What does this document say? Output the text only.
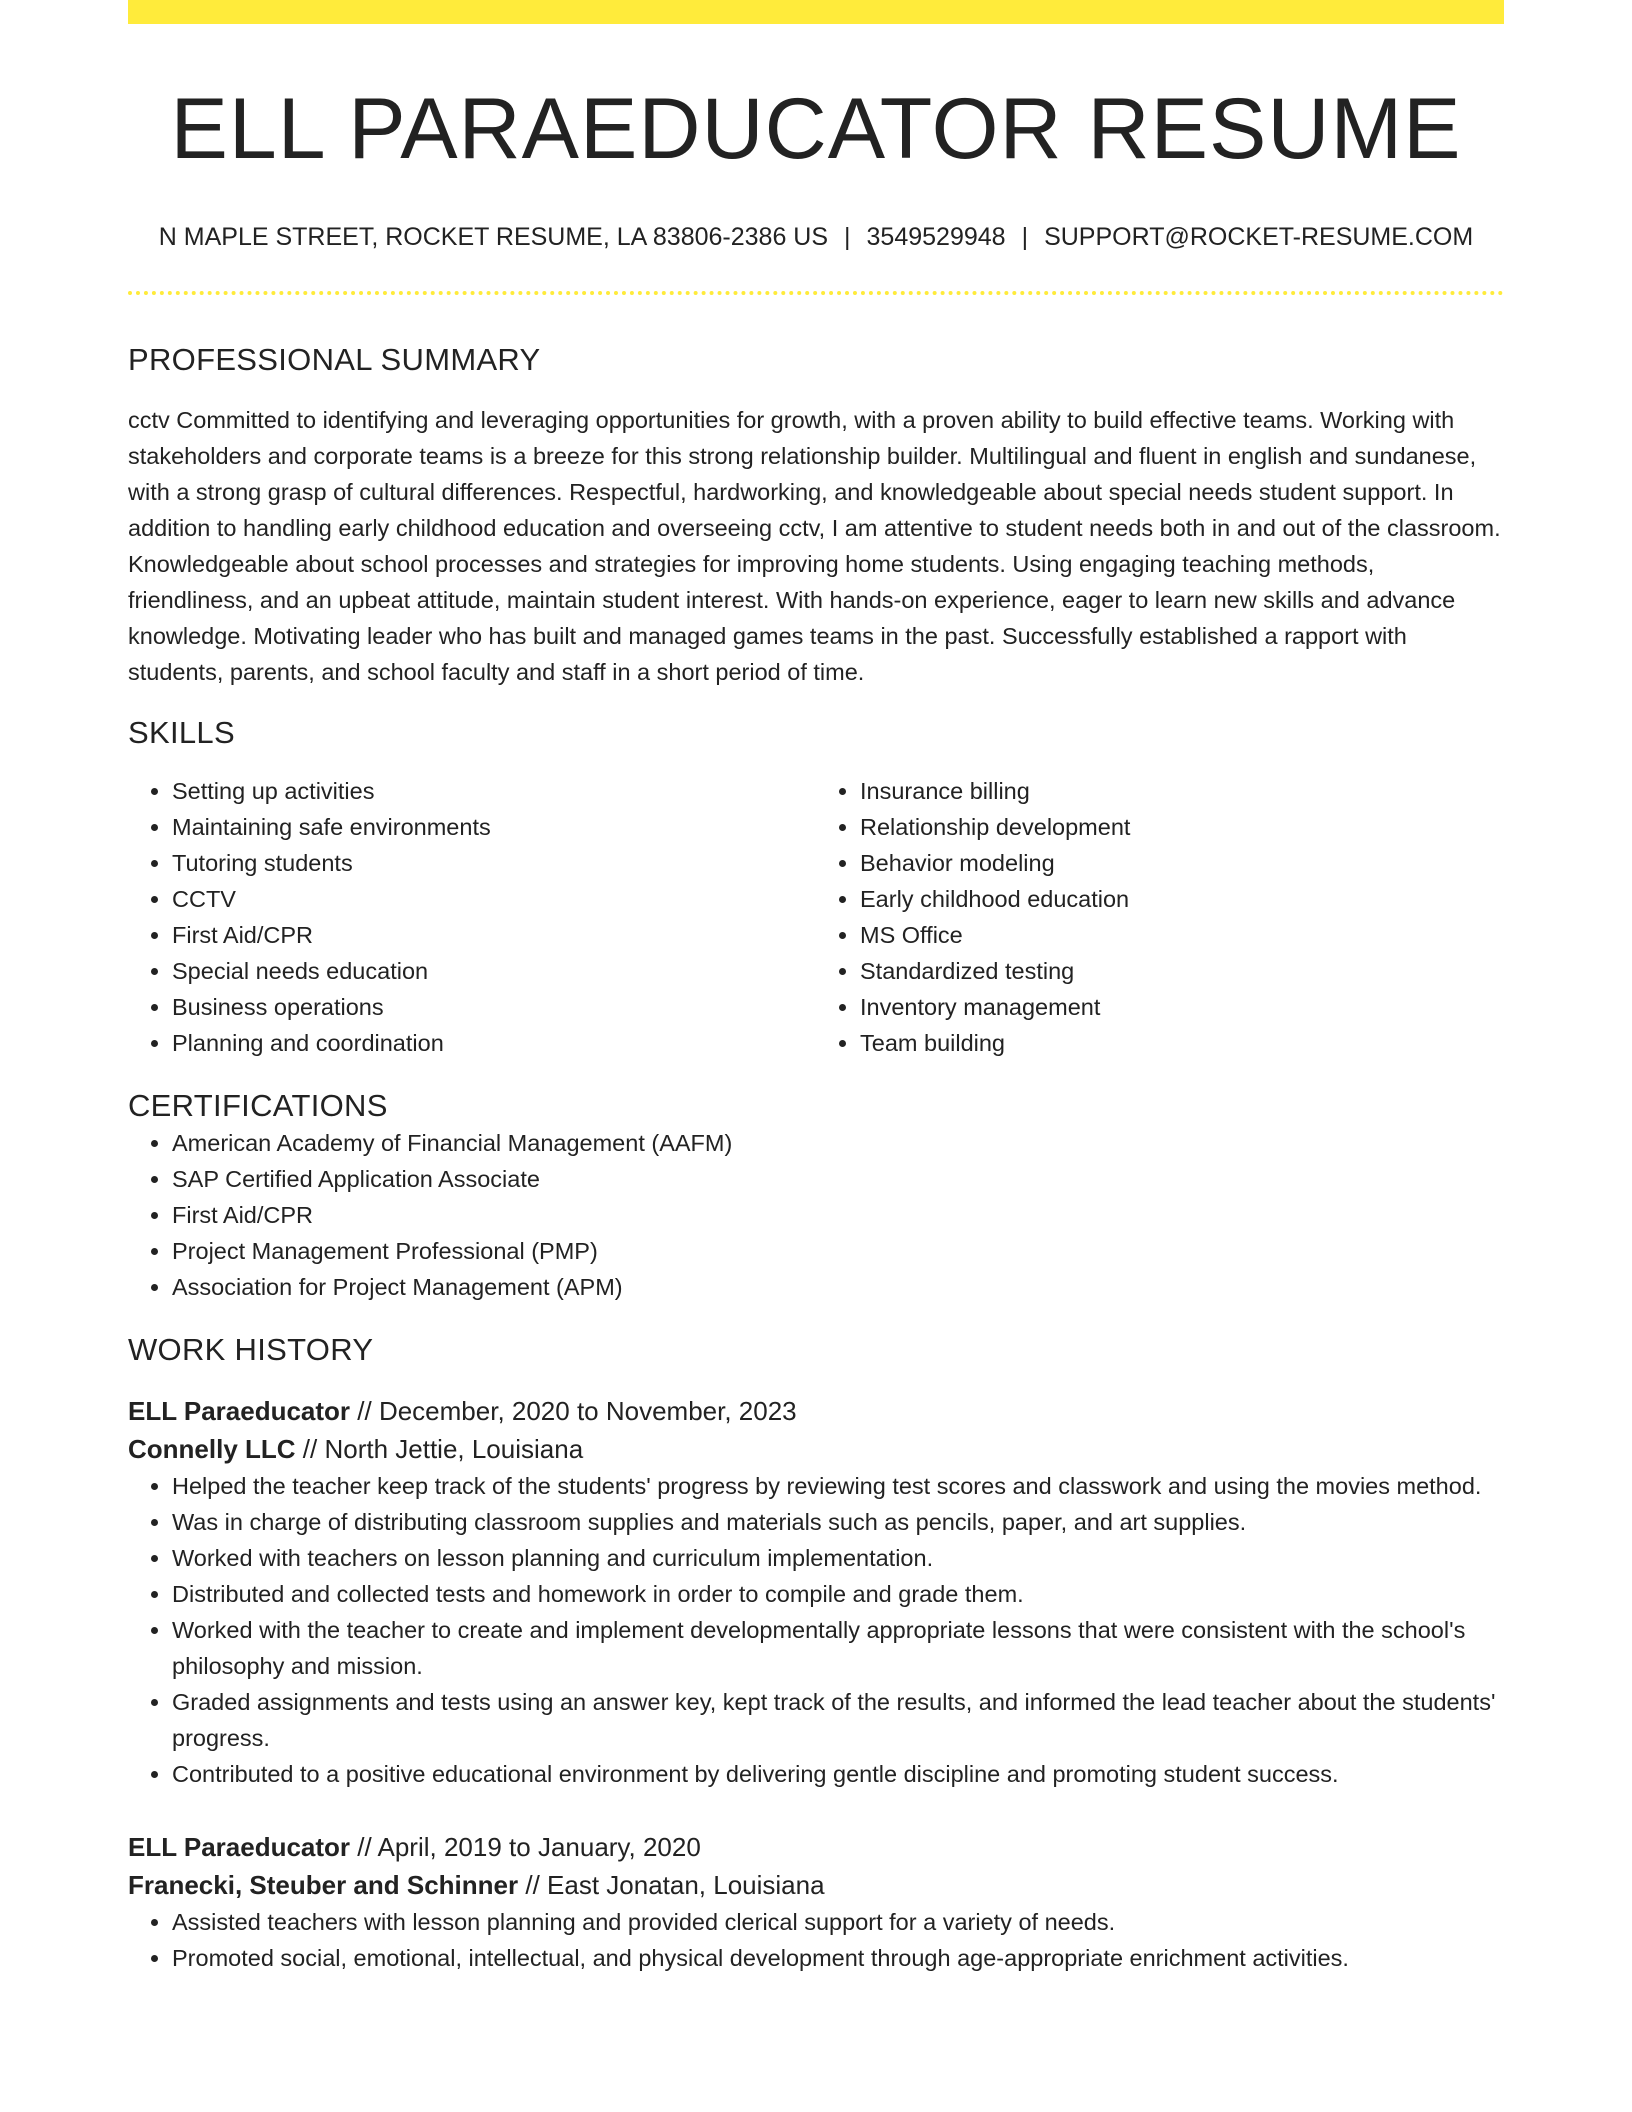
ELL PARAEDUCATOR RESUME
N MAPLE STREET, ROCKET RESUME, LA 83806-2386 US | 3549529948 | SUPPORT@ROCKET-RESUME.COM
PROFESSIONAL SUMMARY

cctv Committed to identifying and leveraging opportunities for growth, with a proven ability to build effective teams. Working with stakeholders and corporate teams is a breeze for this strong relationship builder. Multilingual and fluent in english and sundanese, with a strong grasp of cultural differences. Respectful, hardworking, and knowledgeable about special needs student support. In addition to handling early childhood education and overseeing cctv, I am attentive to student needs both in and out of the classroom. Knowledgeable about school processes and strategies for improving home students. Using engaging teaching methods, friendliness, and an upbeat attitude, maintain student interest. With hands-on experience, eager to learn new skills and advance knowledge. Motivating leader who has built and managed games teams in the past. Successfully established a rapport with students, parents, and school faculty and staff in a short period of time.

SKILLS
• Setting up activities
• Maintaining safe environments
• Tutoring students
• CCTV
• First Aid/CPR
• Special needs education
• Business operations
• Planning and coordination
• Insurance billing
• Relationship development
• Behavior modeling
• Early childhood education
• MS Office
• Standardized testing
• Inventory management
• Team building
CERTIFICATIONS
• American Academy of Financial Management (AAFM)
• SAP Certified Application Associate
• First Aid/CPR
• Project Management Professional (PMP)
• Association for Project Management (APM)
WORK HISTORY
ELL Paraeducator // December, 2020 to November, 2023
Connelly LLC // North Jettie, Louisiana
• Helped the teacher keep track of the students' progress by reviewing test scores and classwork and using the movies method.
• Was in charge of distributing classroom supplies and materials such as pencils, paper, and art supplies.
• Worked with teachers on lesson planning and curriculum implementation.
• Distributed and collected tests and homework in order to compile and grade them.
• Worked with the teacher to create and implement developmentally appropriate lessons that were consistent with the school's philosophy and mission.
• Graded assignments and tests using an answer key, kept track of the results, and informed the lead teacher about the students' progress.
• Contributed to a positive educational environment by delivering gentle discipline and promoting student success.
ELL Paraeducator // April, 2019 to January, 2020
Franecki, Steuber and Schinner // East Jonatan, Louisiana
• Assisted teachers with lesson planning and provided clerical support for a variety of needs.
• Promoted social, emotional, intellectual, and physical development through age-appropriate enrichment activities.
